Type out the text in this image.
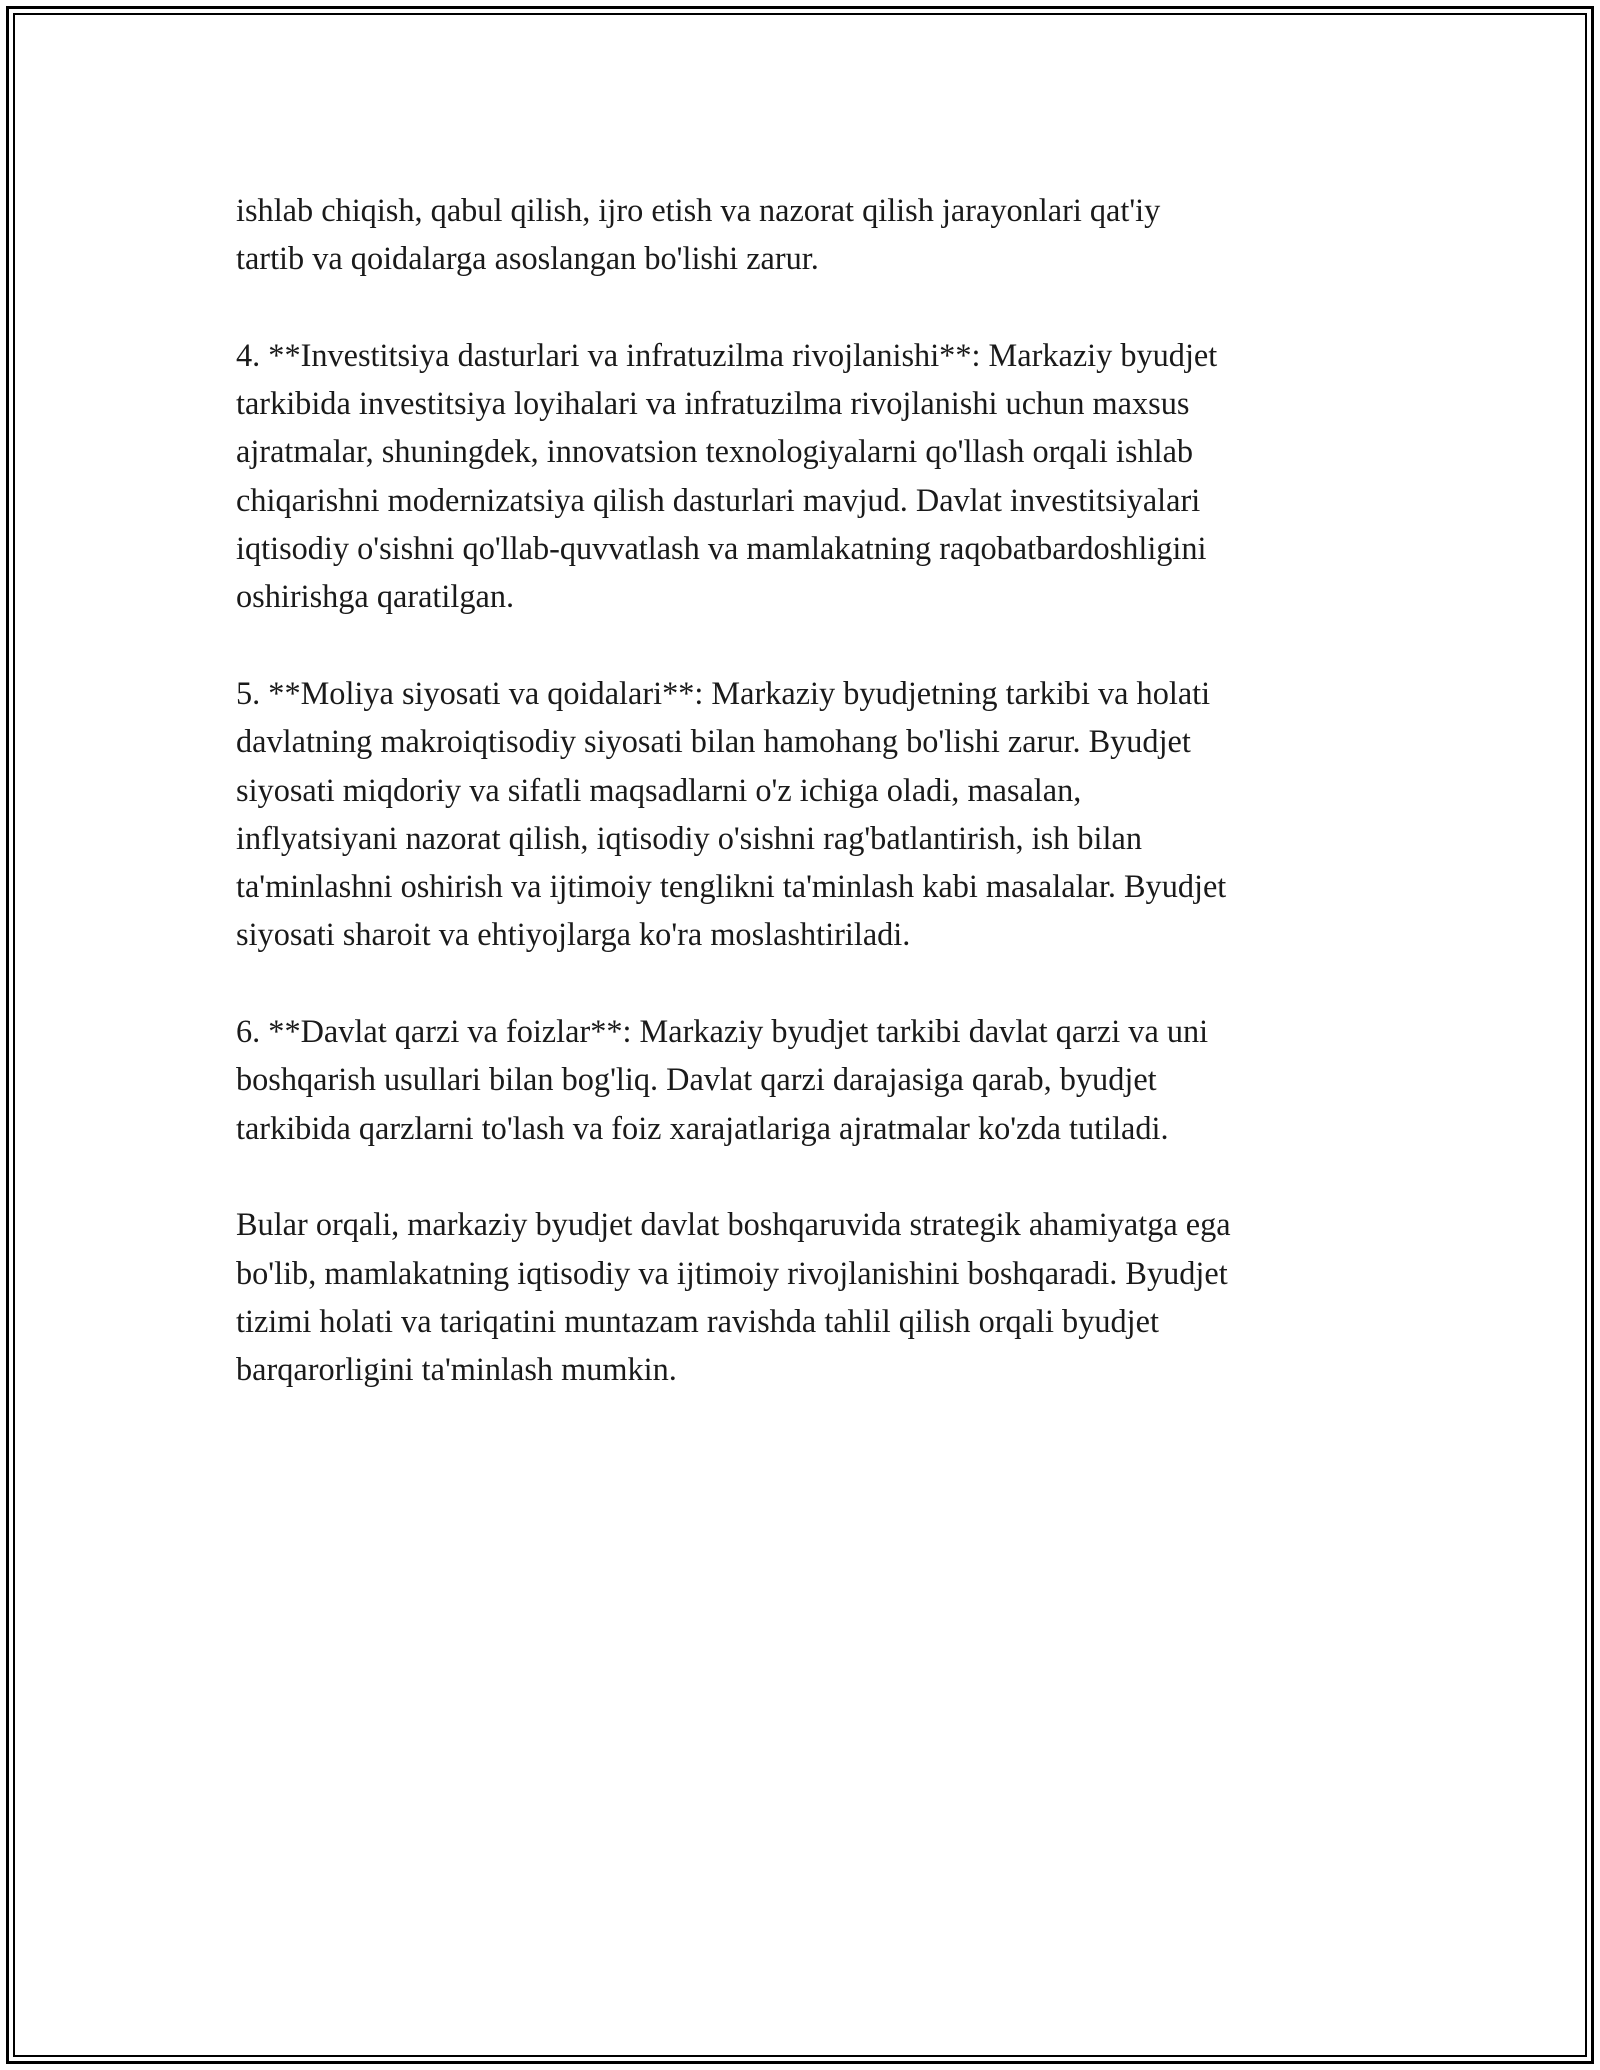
ishlab chiqish, qabul qilish, ijro etish va nazorat qilish jarayonlari qat'iy
tartib va qoidalarga asoslangan bo'lishi zarur.

4. **Investitsiya dasturlari va infratuzilma rivojlanishi**: Markaziy byudjet
tarkibida investitsiya loyihalari va infratuzilma rivojlanishi uchun maxsus
ajratmalar, shuningdek, innovatsion texnologiyalarni qo'llash orqali ishlab
chiqarishni modernizatsiya qilish dasturlari mavjud. Davlat investitsiyalari
iqtisodiy o'sishni qo'llab-quvvatlash va mamlakatning raqobatbardoshligini
oshirishga qaratilgan.

5. **Moliya siyosati va qoidalari**: Markaziy byudjetning tarkibi va holati
davlatning makroiqtisodiy siyosati bilan hamohang bo'lishi zarur. Byudjet
siyosati miqdoriy va sifatli maqsadlarni o'z ichiga oladi, masalan,
inflyatsiyani nazorat qilish, iqtisodiy o'sishni rag'batlantirish, ish bilan
ta'minlashni oshirish va ijtimoiy tenglikni ta'minlash kabi masalalar. Byudjet
siyosati sharoit va ehtiyojlarga ko'ra moslashtiriladi.

6. **Davlat qarzi va foizlar**: Markaziy byudjet tarkibi davlat qarzi va uni
boshqarish usullari bilan bog'liq. Davlat qarzi darajasiga qarab, byudjet
tarkibida qarzlarni to'lash va foiz xarajatlariga ajratmalar ko'zda tutiladi.

Bular orqali, markaziy byudjet davlat boshqaruvida strategik ahamiyatga ega
bo'lib, mamlakatning iqtisodiy va ijtimoiy rivojlanishini boshqaradi. Byudjet
tizimi holati va tariqatini muntazam ravishda tahlil qilish orqali byudjet
barqarorligini ta'minlash mumkin.
